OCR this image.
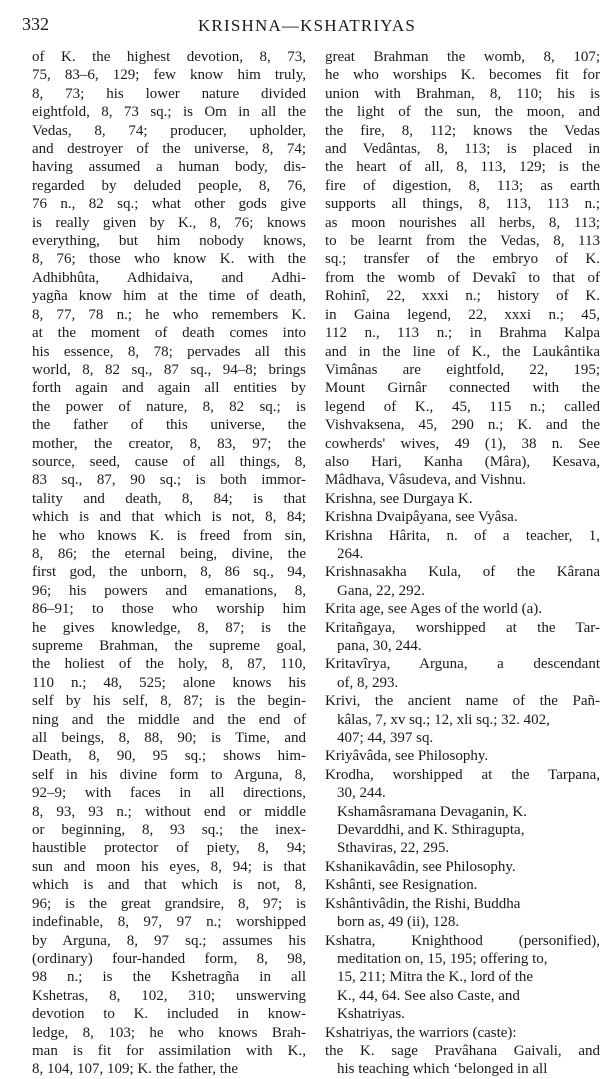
332	KRISHNA—KSHATRIYAS
of K. the highest devotion, 8, 73,
75, 83–6, 129; few know him truly,
8, 73; his lower nature divided
eightfold, 8, 73 sq.; is Om in all the
Vedas, 8, 74; producer, upholder,
and destroyer of the universe, 8, 74;
having assumed a human body, dis-
regarded by deluded people, 8, 76,
76 n., 82 sq.; what other gods give
is really given by K., 8, 76; knows
everything, but him nobody knows,
8, 76; those who know K. with the
Adhibhûta, Adhidaiva, and Adhi-
yagña know him at the time of death,
8, 77, 78 n.; he who remembers K.
at the moment of death comes into
his essence, 8, 78; pervades all this
world, 8, 82 sq., 87 sq., 94–8; brings
forth again and again all entities by
the power of nature, 8, 82 sq.; is
the father of this universe, the
mother, the creator, 8, 83, 97; the
source, seed, cause of all things, 8,
83 sq., 87, 90 sq.; is both immor-
tality and death, 8, 84; is that
which is and that which is not, 8, 84;
he who knows K. is freed from sin,
8, 86; the eternal being, divine, the
first god, the unborn, 8, 86 sq., 94,
96; his powers and emanations, 8,
86–91; to those who worship him
he gives knowledge, 8, 87; is the
supreme Brahman, the supreme goal,
the holiest of the holy, 8, 87, 110,
110 n.; 48, 525; alone knows his
self by his self, 8, 87; is the begin-
ning and the middle and the end of
all beings, 8, 88, 90; is Time, and
Death, 8, 90, 95 sq.; shows him-
self in his divine form to Arguna, 8,
92–9; with faces in all directions,
8, 93, 93 n.; without end or middle
or beginning, 8, 93 sq.; the inex-
haustible protector of piety, 8, 94;
sun and moon his eyes, 8, 94; is that
which is and that which is not, 8,
96; is the great grandsire, 8, 97; is
indefinable, 8, 97, 97 n.; worshipped
by Arguna, 8, 97 sq.; assumes his
(ordinary) four-handed form, 8, 98,
98 n.; is the Kshetragña in all
Kshetras, 8, 102, 310; unswerving
devotion to K. included in know-
ledge, 8, 103; he who knows Brah-
man is fit for assimilation with K.,
8, 104, 107, 109; K. the father, the
great Brahman the womb, 8, 107;
he who worships K. becomes fit for
union with Brahman, 8, 110; his is
the light of the sun, the moon, and
the fire, 8, 112; knows the Vedas
and Vedântas, 8, 113; is placed in
the heart of all, 8, 113, 129; is the
fire of digestion, 8, 113; as earth
supports all things, 8, 113, 113 n.;
as moon nourishes all herbs, 8, 113;
to be learnt from the Vedas, 8, 113
sq.; transfer of the embryo of K.
from the womb of Devakî to that of
Rohinî, 22, xxxi n.; history of K.
in Gaina legend, 22, xxxi n.; 45,
112 n., 113 n.; in Brahma Kalpa
and in the line of K., the Laukântika
Vimânas are eightfold, 22, 195;
Mount Girnâr connected with the
legend of K., 45, 115 n.; called
Vishvaksena, 45, 290 n.; K. and the
cowherds' wives, 49 (1), 38 n. See
also Hari, Kanha (Mâra), Kesava,
Mâdhava, Vâsudeva, and Vishnu.
Krishna, see Durgaya K.
Krishna Dvaipâyana, see Vyâsa.
Krishna Hârita, n. of a teacher, 1,
264.
Krishnasakha Kula, of the Kârana
Gana, 22, 292.
Krita age, see Ages of the world (a).
Kritañgaya, worshipped at the Tar-
pana, 30, 244.
Kritavîrya, Arguna, a descendant
of, 8, 293.
Krivi, the ancient name of the Pañ-
kâlas, 7, xv sq.; 12, xli sq.; 32. 402,
407; 44, 397 sq.
Kriyâvâda, see Philosophy.
Krodha, worshipped at the Tarpana,
30, 244.
Kshamâsramana Devaganin, K.
Devarddhi, and K. Sthiragupta,
Sthaviras, 22, 295.
Kshanikavâdin, see Philosophy.
Kshânti, see Resignation.
Kshântivâdin, the Rishi, Buddha
born as, 49 (ii), 128.
Kshatra, Knighthood (personified),
meditation on, 15, 195; offering to,
15, 211; Mitra the K., lord of the
K., 44, 64. See also Caste, and
Kshatriyas.
Kshatriyas, the warriors (caste):
the K. sage Pravâhana Gaivali, and
his teaching which ‘belonged in all
